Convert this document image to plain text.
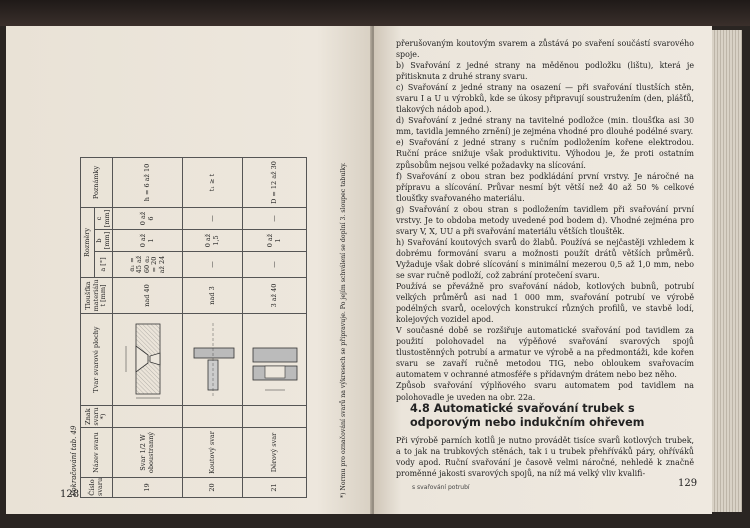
Pokračování tab. 49 Číslo svaru	Název svaru	Znak svaru *)	Tvar svarové plochy	Tloušťka materiálu t [mm]	Rozměry			Poznámky
					a [°]	b [mm]	c [mm]	
19	Svar 1/2 W oboustranný			nad 40	α₁ = 45 až 60 α₂ = 20 až 24	0 až 1	0 až 6	h = 6 až 10
20	Koutový svar			nad 3	—	0 až 1,5	—	t₁ ≥ t
21	Děrový svar			3 až 40	—	0 až 1	—	D = 12 až 30	*) Normu pro označování svarů na výkresech se připravuje. Po jejím schválení se doplní 3. sloupec tabulky.
128

přerušovaným koutovým svarem a zůstává po svaření součástí svarového spoje.

b) Svařování z jedné strany na měděnou podložku (lištu), která je přitisknuta z druhé strany svaru.

c) Svařování z jedné strany na osazení — při svařování tlustších stěn, svaru I a U u výrobků, kde se úkosy připravují soustružením (den, plášťů, tlakových nádob apod.).

d) Svařování z jedné strany na tavitelné podložce (min. tloušťka asi 30 mm, tavidla jemného zrnění) je zejména vhodné pro dlouhé podélné svary.

e) Svařování z jedné strany s ručním podložením kořene elektrodou. Ruční práce snižuje však produktivitu. Výhodou je, že proti ostatním způsobům nejsou velké požadavky na slícování.

f) Svařování z obou stran bez podkládání první vrstvy. Je náročné na přípravu a slícování. Průvar nesmí být větší než 40 až 50 % celkové tloušťky svařovaného materiálu.

g) Svařování z obou stran s podložením tavidlem při svařování první vrstvy. Je to obdoba metody uvedené pod bodem d). Vhodné zejména pro svary V, X, UU a při svařování materiálu větších tlouštěk.

h) Svařování koutových svarů do žlabů. Používá se nejčastěji vzhledem k dobrému formování svaru a možnosti použít drátů větších průměrů. Vyžaduje však dobré slícování s minimální mezerou 0,5 až 1,0 mm, nebo se svar ručně podloží, což zabrání protečení svaru.

Používá se převážně pro svařování nádob, kotlových bubnů, potrubí velkých průměrů asi nad 1 000 mm, svařování potrubí ve výrobě podélných svarů, ocelových konstrukcí různých profilů, ve stavbě lodí, kolejových vozidel apod.

V současné době se rozšiřuje automatické svařování pod tavidlem za použití polohovadel na výpěňové svařování svarových spojů tlustostěnných potrubí a armatur ve výrobě a na předmontáži, kde kořen svaru se zavaří ručně metodou TIG, nebo obloukem svařovacím automatem v ochranné atmosféře s přídavným drátem nebo bez něho.

Způsob svařování výplňového svaru automatem pod tavidlem na polohovadle je uveden na obr. 22a.

4.8 Automatické svařování trubek s odporovým nebo indukčním ohřevem
Při výrobě parních kotlů je nutno provádět tisíce svarů kotlových trubek, a to jak na trubkových stěnách, tak i u trubek přehříváků páry, ohříváků vody apod. Ruční svařování je časově velmi náročné, nehledě k značně proměnné jakosti svarových spojů, na níž má velký vliv kvalifi-
s svařování potrubí	129
